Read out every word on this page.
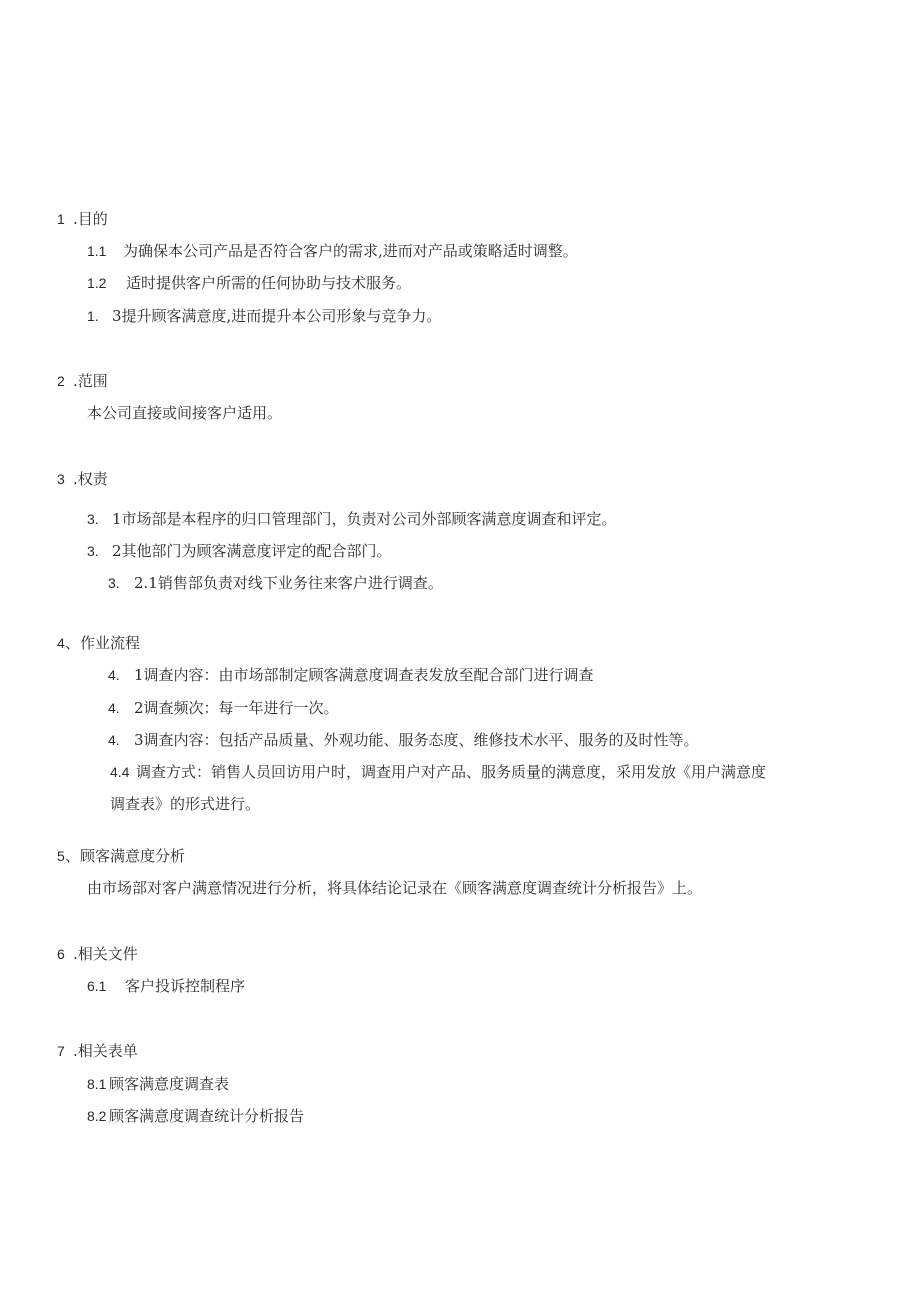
1 .目的
1.1 为确保本公司产品是否符合客户的需求,进而对产品或策略适时调整。
1.2 适时提供客户所需的任何协助与技术服务。
1. 3提升顾客满意度,进而提升本公司形象与竞争力。
2 .范围
本公司直接或间接客户适用。
3 .权责
3. 1市场部是本程序的归口管理部门，负责对公司外部顾客满意度调查和评定。
3. 2其他部门为顾客满意度评定的配合部门。
3. 2.1销售部负责对线下业务往来客户进行调查。
4、作业流程
4. 1调查内容：由市场部制定顾客满意度调查表发放至配合部门进行调查
4. 2调查频次：每一年进行一次。
4. 3调查内容：包括产品质量、外观功能、服务态度、维修技术水平、服务的及时性等。
4.4 调查方式：销售人员回访用户时，调查用户对产品、服务质量的满意度，采用发放《用户满意度
调查表》的形式进行。
5、顾客满意度分析
由市场部对客户满意情况进行分析，将具体结论记录在《顾客满意度调查统计分析报告》上。
6 .相关文件
6.1 客户投诉控制程序
7 .相关表单
8.1 顾客满意度调查表
8.2 顾客满意度调查统计分析报告
